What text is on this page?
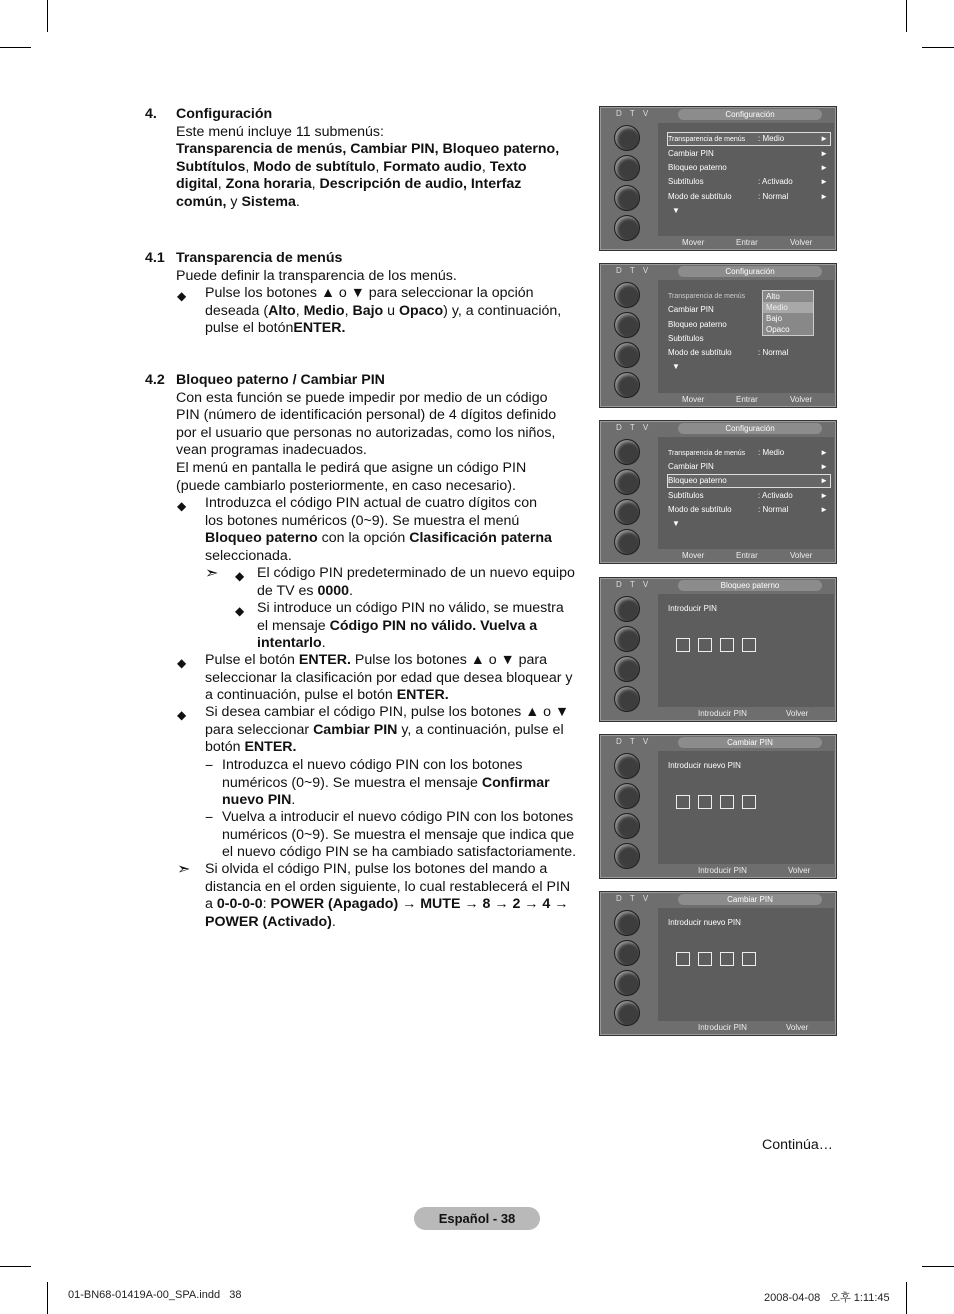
4. Configuración
Este menú incluye 11 submenús:
Transparencia de menús, Cambiar PIN, Bloqueo paterno,
Subtítulos, Modo de subtítulo, Formato audio, Texto
digital, Zona horaria, Descripción de audio, Interfaz
común, y Sistema.
4.1 Transparencia de menús
Puede definir la transparencia de los menús.
◆ Pulse los botones ▲ o ▼ para seleccionar la opción
deseada (Alto, Medio, Bajo u Opaco) y, a continuación,
pulse el botónENTER.
4.2 Bloqueo paterno / Cambiar PIN
Con esta función se puede impedir por medio de un código
PIN (número de identificación personal) de 4 dígitos definido
por el usuario que personas no autorizadas, como los niños,
vean programas inadecuados.
El menú en pantalla le pedirá que asigne un código PIN
(puede cambiarlo posteriormente, en caso necesario).
◆ Introduzca el código PIN actual de cuatro dígitos con
los botones numéricos (0~9). Se muestra el menú
Bloqueo paterno con la opción Clasificación paterna
seleccionada.
➣ ◆ El código PIN predeterminado de un nuevo equipo
de TV es 0000.
◆ Si introduce un código PIN no válido, se muestra
el mensaje Código PIN no válido. Vuelva a
intentarlo.
◆ Pulse el botón ENTER. Pulse los botones ▲ o ▼ para
seleccionar la clasificación por edad que desea bloquear y
a continuación, pulse el botón ENTER.
◆ Si desea cambiar el código PIN, pulse los botones ▲ o ▼
para seleccionar Cambiar PIN y, a continuación, pulse el
botón ENTER.
− Introduzca el nuevo código PIN con los botones
numéricos (0~9). Se muestra el mensaje Confirmar
nuevo PIN.
− Vuelva a introducir el nuevo código PIN con los botones
numéricos (0~9). Se muestra el mensaje que indica que
el nuevo código PIN se ha cambiado satisfactoriamente.
➣ Si olvida el código PIN, pulse los botones del mando a
distancia en el orden siguiente, lo cual restablecerá el PIN
a 0-0-0-0: POWER (Apagado) → MUTE → 8 → 2 → 4 →
POWER (Activado).
D T V	Configuración
Transparencia de menús : Medio	►
Cambiar PIN	►
Bloqueo paterno	►
Subtítulos	: Activado	►
Modo de subtítulo	: Normal	►
▼
Mover	Entrar	Volver
D T V	Configuración
Transparencia de menús
Cambiar PIN
Bloqueo paterno
Subtítulos
Modo de subtítulo	: Normal
▼
Alto
Medio
Bajo
Opaco
Mover	Entrar	Volver
D T V	Configuración
Transparencia de menús : Medio	►
Cambiar PIN	►
Bloqueo paterno	►
Subtítulos	: Activado	►
Modo de subtítulo	: Normal	►
▼
Mover	Entrar	Volver
D T V	Bloqueo paterno
Introducir PIN
Introducir PIN	Volver
D T V	Cambiar PIN
Introducir nuevo PIN
Introducir PIN	Volver
D T V	Cambiar PIN
Introducir nuevo PIN
Introducir PIN	Volver
Continúa…
Español - 38
01-BN68-01419A-00_SPA.indd   38	2008-04-08   오후 1:11:45
